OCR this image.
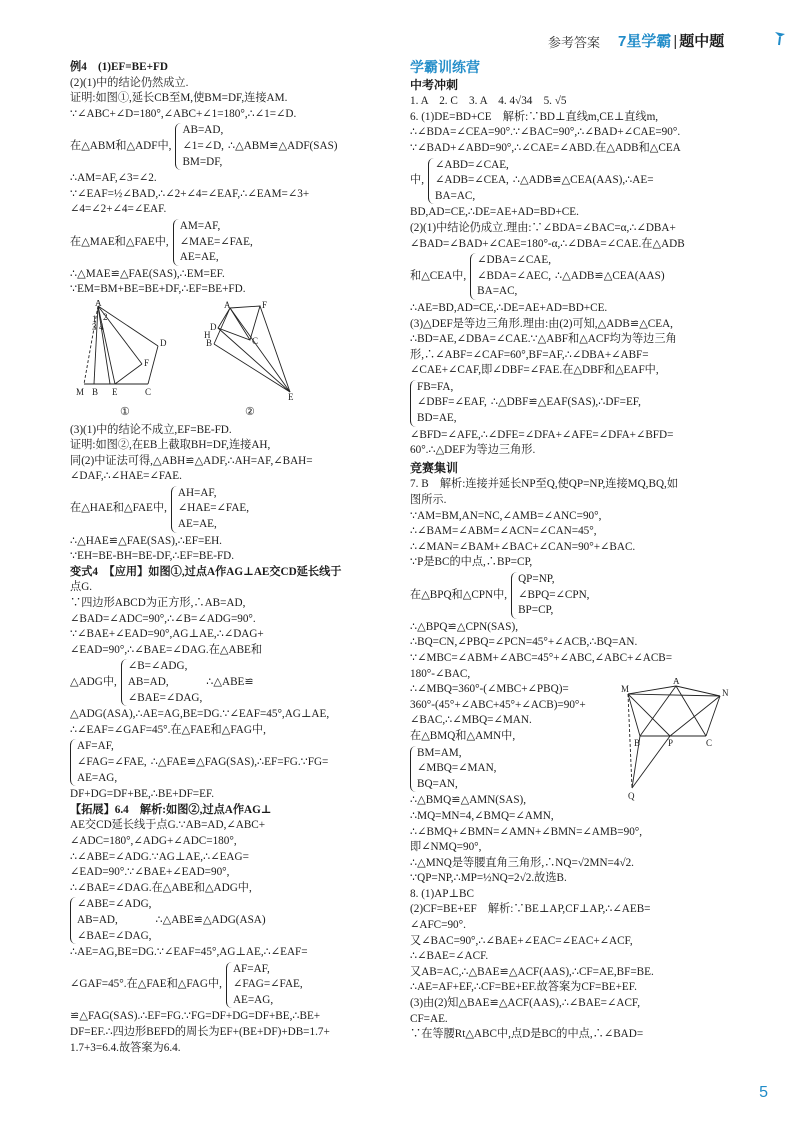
参考答案 7星学霸 | 题中题

例4　(1)EF=BE+FD

(2)(1)中的结论仍然成立.

证明:如图①,延长CB至M,使BM=DF,连接AM.

∵∠ABC+∠D=180°,∠ABC+∠1=180°,∴∠1=∠D.

在△ABM和△ADF中,

AB=AD,

∠1=∠D,

BM=DF,

∴△ABM≌△ADF(SAS)

∴AM=AF,∠3=∠2.

∵∠EAF=½∠BAD,∴∠2+∠4=∠EAF,∴∠EAM=∠3+

∠4=∠2+∠4=∠EAF.

在△MAE和△FAE中,

AM=AF,

∠MAE=∠FAE,

AE=AE,

∴△MAE≌△FAE(SAS),∴EM=EF.

∵EM=BM+BE=BE+DF,∴EF=BE+FD.

A
D
F
M B E	C
2
3 4
1
①
A	F
C
D
B
H
E
②

(3)(1)中的结论不成立,EF=BE-FD.

证明:如图②,在EB上截取BH=DF,连接AH,

同(2)中证法可得,△ABH≌△ADF,∴AH=AF,∠BAH=

∠DAF,∴∠HAE=∠FAE.

在△HAE和△FAE中,

AH=AF,

∠HAE=∠FAE,

AE=AE,

∴△HAE≌△FAE(SAS),∴EF=EH.

∵EH=BE-BH=BE-DF,∴EF=BE-FD.

变式4　【应用】如图①,过点A作AG⊥AE交CD延长线于

点G.

∵四边形ABCD为正方形,∴AB=AD,

∠BAD=∠ADC=90°,∴∠B=∠ADG=90°.

∵∠BAE+∠EAD=90°,AG⊥AE,∴∠DAG+

∠EAD=90°,∴∠BAE=∠DAG.在△ABE和

△ADG中,

∠B=∠ADG,

AB=AD,

∠BAE=∠DAG,

∴△ABE≌

△ADG(ASA),∴AE=AG,BE=DG.∵∠EAF=45°,AG⊥AE,

∴∠EAF=∠GAF=45°.在△FAE和△FAG中,

AF=AF,

∠FAG=∠FAE,

AE=AG,

∴△FAE≌△FAG(SAS),∴EF=FG.∵FG=

DF+DG=DF+BE,∴BE+DF=EF.

【拓展】6.4　解析:如图②,过点A作AG⊥

AE交CD延长线于点G.∵AB=AD,∠ABC+

∠ADC=180°,∠ADG+∠ADC=180°,

∴∠ABE=∠ADG.∵AG⊥AE,∴∠EAG=

∠EAD=90°.∵∠BAE+∠EAD=90°,

∴∠BAE=∠DAG.在△ABE和△ADG中,

∠ABE=∠ADG,

AB=AD,

∠BAE=∠DAG,

∴△ABE≌△ADG(ASA)

∴AE=AG,BE=DG.∵∠EAF=45°,AG⊥AE,∴∠EAF=

∠GAF=45°.在△FAE和△FAG中,

AF=AF,

∠FAG=∠FAE,

AE=AG,

≌△FAG(SAS).∴EF=FG.∵FG=DF+DG=DF+BE,∴BE+

DF=EF.∴四边形BEFD的周长为EF+(BE+DF)+DB=1.7+

1.7+3=6.4.故答案为6.4.

学霸训练营
中考冲刺

1. A　2. C　3. A　4. 4√34　5. √5

6. (1)DE=BD+CE　解析:∵BD⊥直线m,CE⊥直线m,

∴∠BDA=∠CEA=90°.∵∠BAC=90°,∴∠BAD+∠CAE=90°.

∵∠BAD+∠ABD=90°,∴∠CAE=∠ABD.在△ADB和△CEA

中,

∠ABD=∠CAE,

∠ADB=∠CEA,

BA=AC,

∴△ADB≌△CEA(AAS),∴AE=

BD,AD=CE,∴DE=AE+AD=BD+CE.

(2)(1)中结论仍成立.理由:∵∠BDA=∠BAC=α,∴∠DBA+

∠BAD=∠BAD+∠CAE=180°-α,∴∠DBA=∠CAE.在△ADB

和△CEA中,

∠DBA=∠CAE,

∠BDA=∠AEC,

BA=AC,

∴△ADB≌△CEA(AAS)

∴AE=BD,AD=CE,∴DE=AE+AD=BD+CE.

(3)△DEF是等边三角形.理由:由(2)可知,△ADB≌△CEA,

∴BD=AE,∠DBA=∠CAE.∵△ABF和△ACF均为等边三角

形,∴∠ABF=∠CAF=60°,BF=AF,∴∠DBA+∠ABF=

∠CAE+∠CAF,即∠DBF=∠FAE.在△DBF和△EAF中,

FB=FA,

∠DBF=∠EAF,

BD=AE,

∴△DBF≌△EAF(SAS),∴DF=EF,

∠BFD=∠AFE,∴∠DFE=∠DFA+∠AFE=∠DFA+∠BFD=

60°.∴△DEF为等边三角形.

竞赛集训

7. B　解析:连接并延长NP至Q,使QP=NP,连接MQ,BQ,如

图所示.

∵AM=BM,AN=NC,∠AMB=∠ANC=90°,

∴∠BAM=∠ABM=∠ACN=∠CAN=45°,

∴∠MAN=∠BAM+∠BAC+∠CAN=90°+∠BAC.

∵P是BC的中点,∴BP=CP,

在△BPQ和△CPN中,

QP=NP,

∠BPQ=∠CPN,

BP=CP,

∴△BPQ≌△CPN(SAS),

∴BQ=CN,∠PBQ=∠PCN=45°+∠ACB,∴BQ=AN.

∵∠MBC=∠ABM+∠ABC=45°+∠ABC,∠ABC+∠ACB=

180°-∠BAC,

∴∠MBQ=360°-(∠MBC+∠PBQ)=

360°-(45°+∠ABC+45°+∠ACB)=90°+

∠BAC,∴∠MBQ=∠MAN.

在△BMQ和△AMN中,

BM=AM,

∠MBQ=∠MAN,

BQ=AN,

∴△BMQ≌△AMN(SAS),

M
A
N
B	P	C
Q

∴MQ=MN=4,∠BMQ=∠AMN,

∴∠BMQ+∠BMN=∠AMN+∠BMN=∠AMB=90°,

即∠NMQ=90°,

∴△MNQ是等腰直角三角形,∴NQ=√2MN=4√2.

∵QP=NP,∴MP=½NQ=2√2.故选B.

8. (1)AP⊥BC

(2)CF=BE+EF　解析:∵BE⊥AP,CF⊥AP,∴∠AEB=

∠AFC=90°.

又∠BAC=90°,∴∠BAE+∠EAC=∠EAC+∠ACF,

∴∠BAE=∠ACF.

又AB=AC,∴△BAE≌△ACF(AAS),∴CF=AE,BF=BE.

∴AE=AF+EF,∴CF=BE+EF.故答案为CF=BE+EF.

(3)由(2)知△BAE≌△ACF(AAS),∴∠BAE=∠ACF,

CF=AE.

∵在等腰Rt△ABC中,点D是BC的中点,∴∠BAD=

5
